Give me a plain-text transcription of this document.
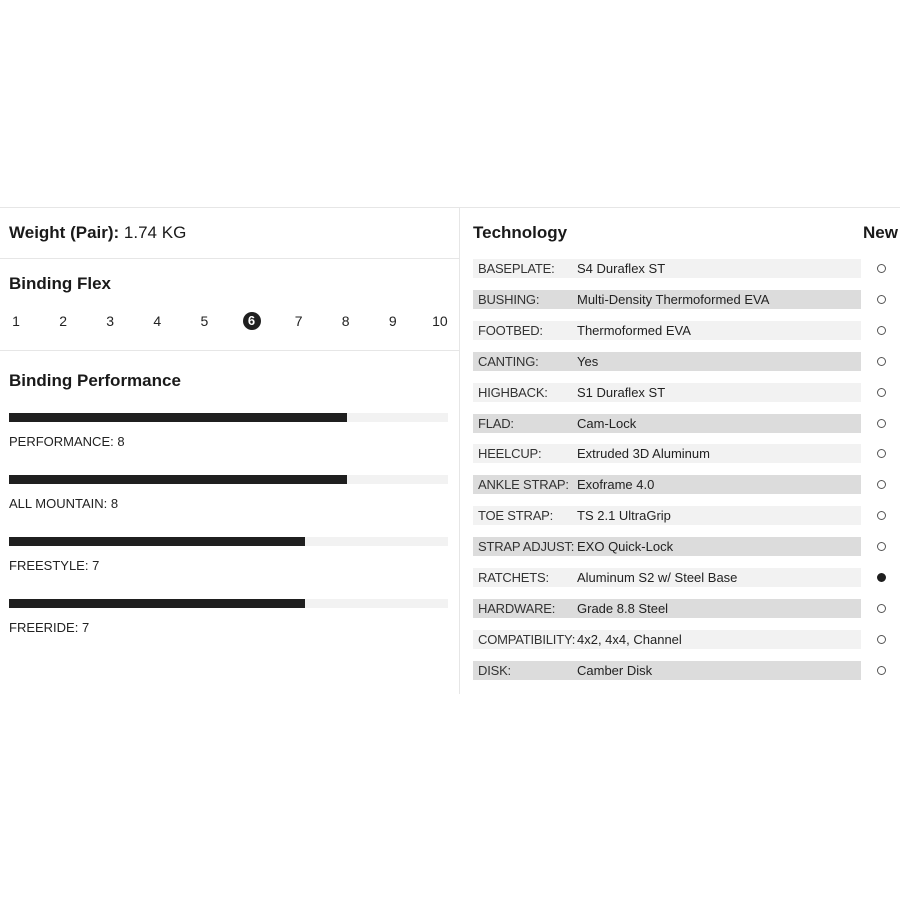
Weight (Pair): 1.74 KG
Binding Flex
1	2	3	4	5	6	7	8	9	10
Binding Performance
PERFORMANCE: 8
ALL MOUNTAIN: 8
FREESTYLE: 7
FREERIDE: 7
Technology	New
BASEPLATE: S4 Duraflex ST
BUSHING:	Multi-Density Thermoformed EVA
FOOTBED:	Thermoformed EVA
CANTING:	Yes
HIGHBACK: S1 Duraflex ST
FLAD:	Cam-Lock
HEELCUP:	Extruded 3D Aluminum
ANKLE STRAP: Exoframe 4.0
TOE STRAP: TS 2.1 UltraGrip
STRAP ADJUST: EXO Quick-Lock
RATCHETS: Aluminum S2 w/ Steel Base
HARDWARE: Grade 8.8 Steel
COMPATIBILITY: 4x2, 4x4, Channel
DISK:	Camber Disk
